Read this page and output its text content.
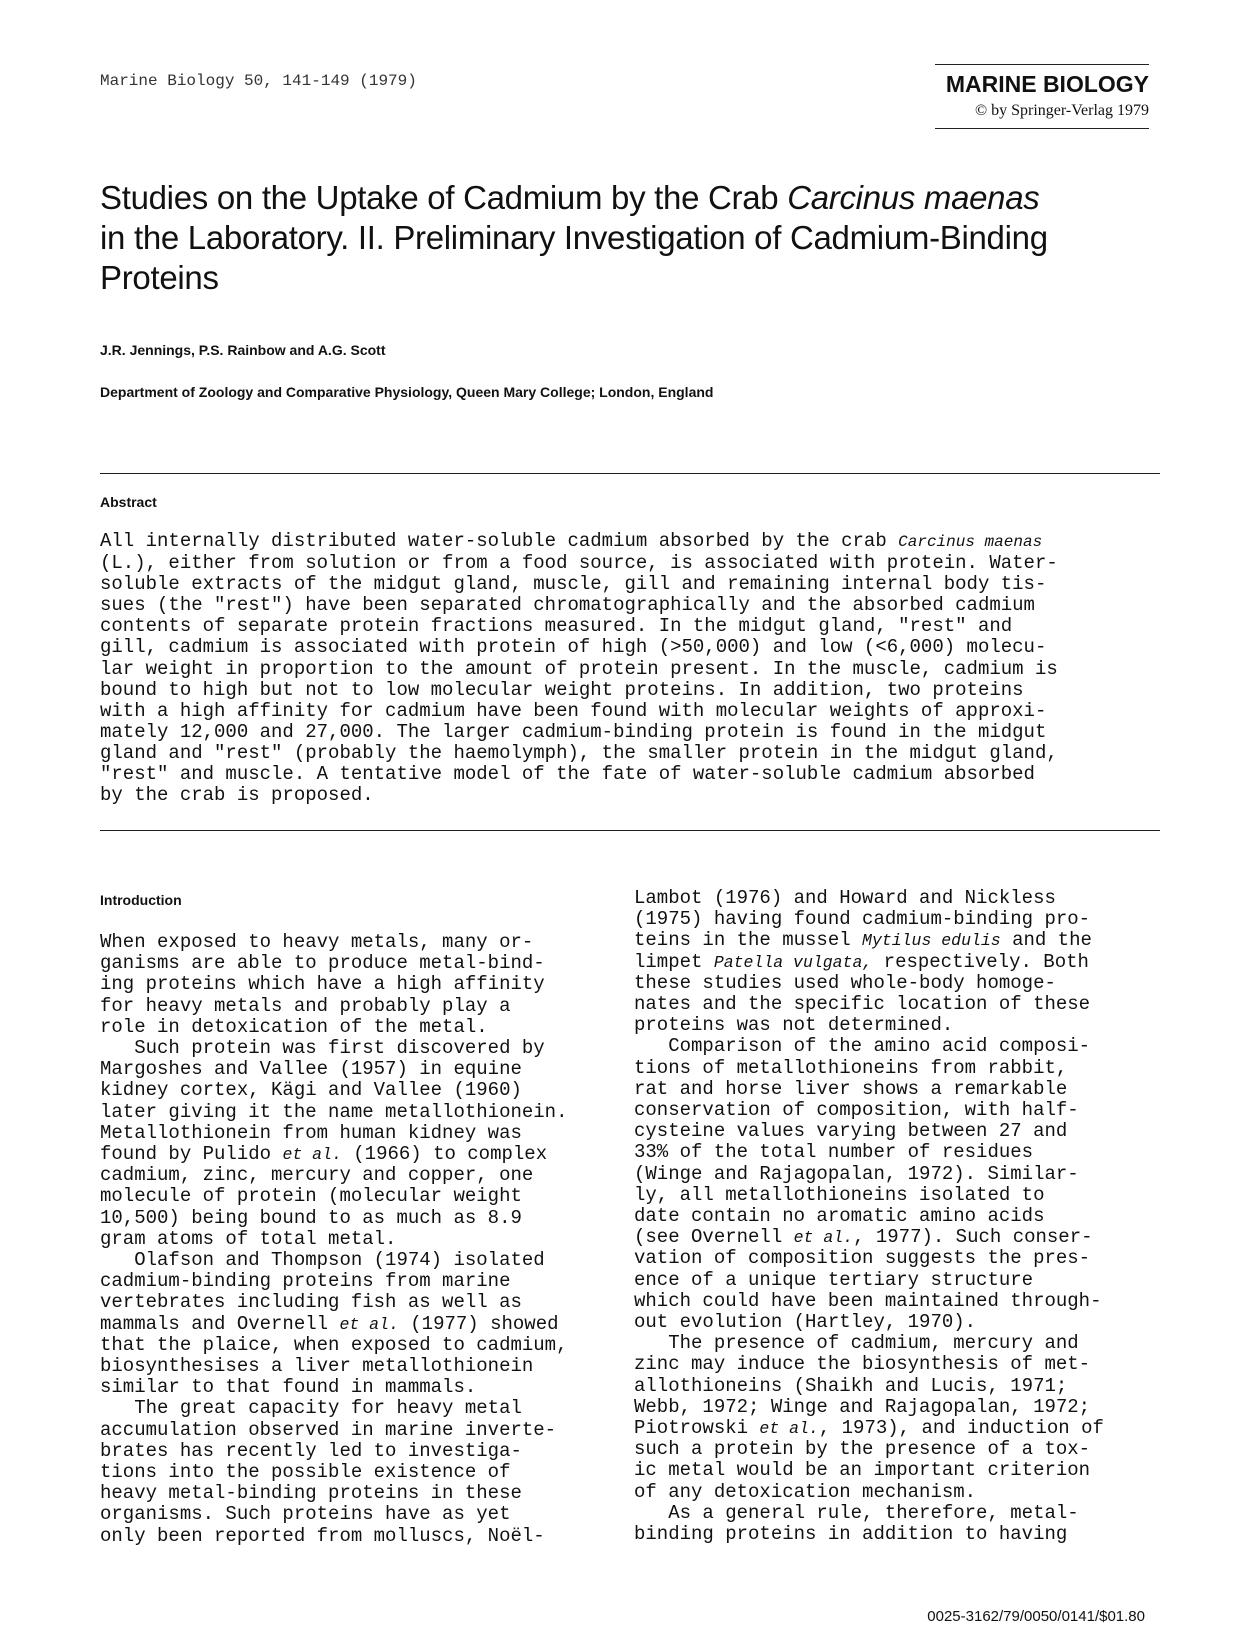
Marine Biology 50, 141-149 (1979)	MARINE BIOLOGY
© by Springer-Verlag 1979
Studies on the Uptake of Cadmium by the Crab Carcinus maenas
in the Laboratory. II. Preliminary Investigation of Cadmium-Binding
Proteins
J.R. Jennings, P.S. Rainbow and A.G. Scott
Department of Zoology and Comparative Physiology, Queen Mary College; London, England
Abstract
All internally distributed water-soluble cadmium absorbed by the crab Carcinus maenas
(L.), either from solution or from a food source, is associated with protein. Water-
soluble extracts of the midgut gland, muscle, gill and remaining internal body tis-
sues (the "rest") have been separated chromatographically and the absorbed cadmium
contents of separate protein fractions measured. In the midgut gland, "rest" and
gill, cadmium is associated with protein of high (>50,000) and low (<6,000) molecu-
lar weight in proportion to the amount of protein present. In the muscle, cadmium is
bound to high but not to low molecular weight proteins. In addition, two proteins
with a high affinity for cadmium have been found with molecular weights of approxi-
mately 12,000 and 27,000. The larger cadmium-binding protein is found in the midgut
gland and "rest" (probably the haemolymph), the smaller protein in the midgut gland,
"rest" and muscle. A tentative model of the fate of water-soluble cadmium absorbed
by the crab is proposed.
Introduction
When exposed to heavy metals, many or-
ganisms are able to produce metal-bind-
ing proteins which have a high affinity
for heavy metals and probably play a
role in detoxication of the metal.
Such protein was first discovered by
Margoshes and Vallee (1957) in equine
kidney cortex, Kägi and Vallee (1960)
later giving it the name metallothionein.
Metallothionein from human kidney was
found by Pulido et al. (1966) to complex
cadmium, zinc, mercury and copper, one
molecule of protein (molecular weight
10,500) being bound to as much as 8.9
gram atoms of total metal.
Olafson and Thompson (1974) isolated
cadmium-binding proteins from marine
vertebrates including fish as well as
mammals and Overnell et al. (1977) showed
that the plaice, when exposed to cadmium,
biosynthesises a liver metallothionein
similar to that found in mammals.
The great capacity for heavy metal
accumulation observed in marine inverte-
brates has recently led to investiga-
tions into the possible existence of
heavy metal-binding proteins in these
organisms. Such proteins have as yet
only been reported from molluscs, Noël-
Lambot (1976) and Howard and Nickless
(1975) having found cadmium-binding pro-
teins in the mussel Mytilus edulis and the
limpet Patella vulgata, respectively. Both
these studies used whole-body homoge-
nates and the specific location of these
proteins was not determined.
Comparison of the amino acid composi-
tions of metallothioneins from rabbit,
rat and horse liver shows a remarkable
conservation of composition, with half-
cysteine values varying between 27 and
33% of the total number of residues
(Winge and Rajagopalan, 1972). Similar-
ly, all metallothioneins isolated to
date contain no aromatic amino acids
(see Overnell et al., 1977). Such conser-
vation of composition suggests the pres-
ence of a unique tertiary structure
which could have been maintained through-
out evolution (Hartley, 1970).
The presence of cadmium, mercury and
zinc may induce the biosynthesis of met-
allothioneins (Shaikh and Lucis, 1971;
Webb, 1972; Winge and Rajagopalan, 1972;
Piotrowski et al., 1973), and induction of
such a protein by the presence of a tox-
ic metal would be an important criterion
of any detoxication mechanism.
As a general rule, therefore, metal-
binding proteins in addition to having
0025-3162/79/0050/0141/$01.80
